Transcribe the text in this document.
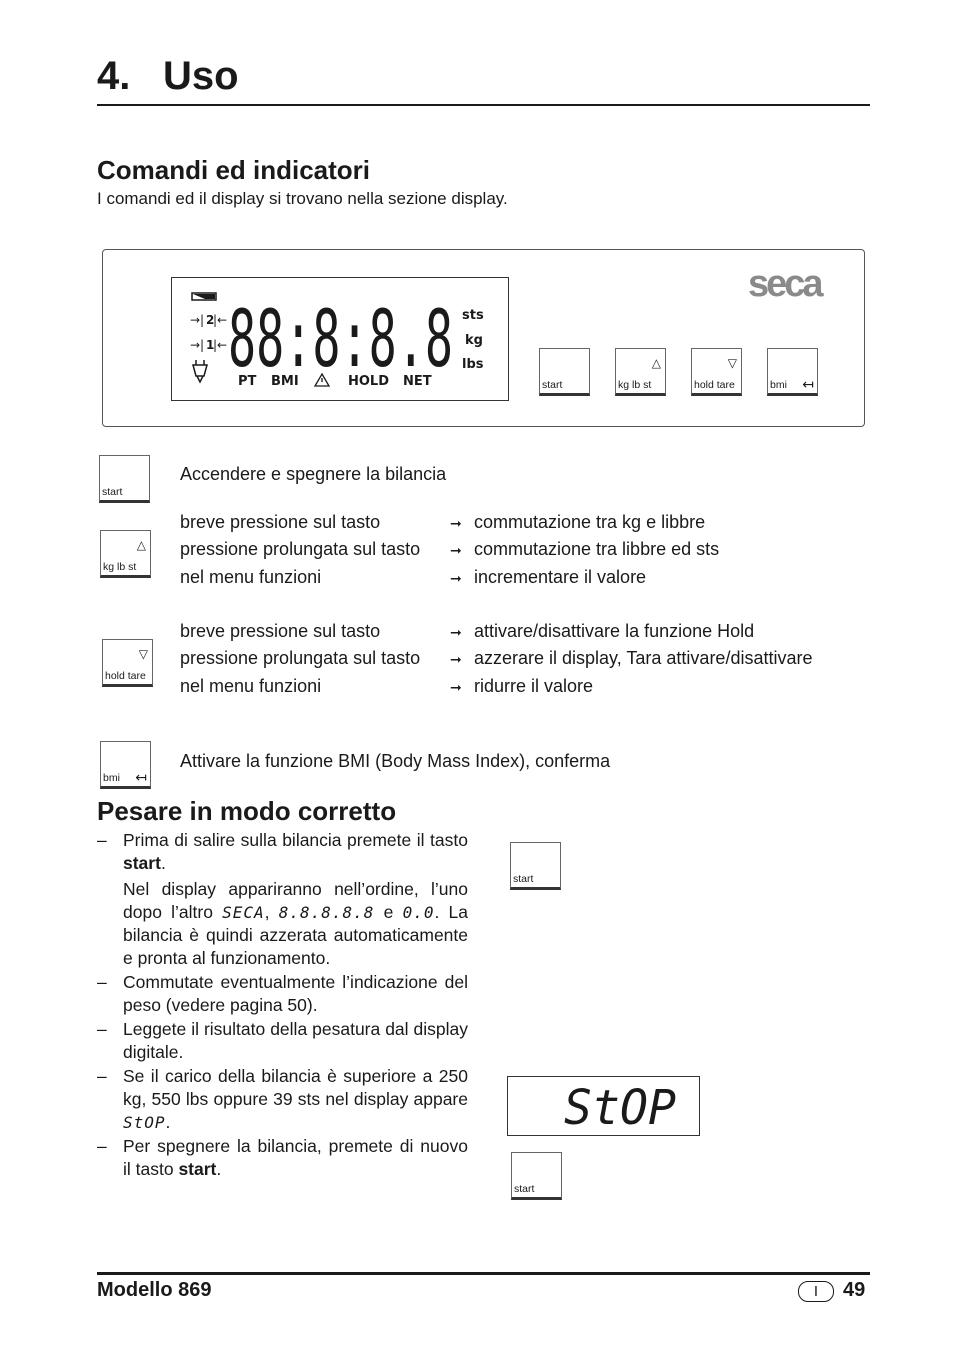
4. Uso
Comandi ed indicatori
I comandi ed il display si trovano nella sezione display.
→| 2
|←
→| 1
|← 88:8:8.8 sts
kg
lbs
PT BMI	HOLD NET
seca
start
△
kg lb st
▽
hold tare	bmi ↤
start
Accendere e spegnere la bilancia
△
kg lb st
breve pressione sul tasto	➞ commutazione tra kg e libbre
pressione prolungata sul tasto ➞ commutazione tra libbre ed sts
nel menu funzioni	➞ incrementare il valore
▽
hold tare
breve pressione sul tasto	➞ attivare/disattivare la funzione Hold
pressione prolungata sul tasto ➞ azzerare il display, Tara attivare/disattivare
nel menu funzioni	➞ ridurre il valore
bmi ↤
Attivare la funzione BMI (Body Mass Index), conferma
Pesare in modo corretto
– Prima di salire sulla bilancia premete il tasto start.

Nel display appariranno nell’ordine, l’uno dopo l’altro SECA, 8.8.8.8.8 e 0.0. La bilancia è quindi azzerata automaticamente e pronta al funzionamento.

– Commutate eventualmente l’indicazione del peso (vedere pagina 50).

– Leggete il risultato della pesatura dal display digitale.

– Se il carico della bilancia è superiore a 250 kg, 550 lbs oppure 39 sts nel display appare StOP.

– Per spegnere la bilancia, premete di nuovo il tasto start.

start
StOP
start
Modello 869	I	49
